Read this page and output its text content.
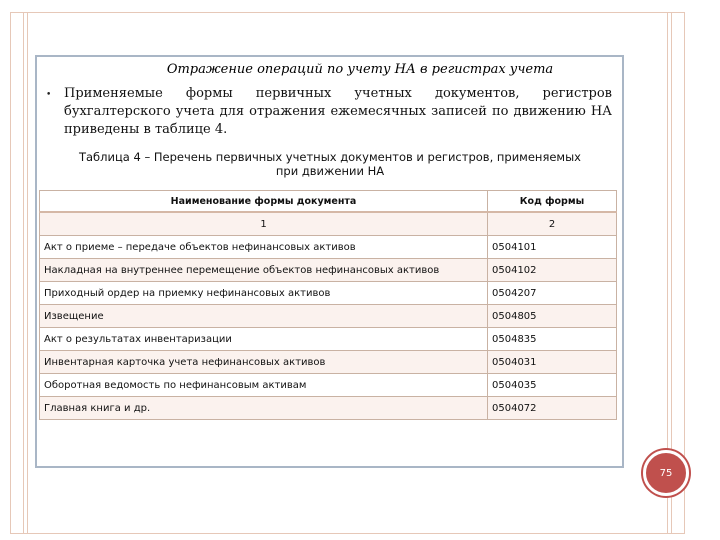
Отражение операций по учету НА в регистрах учета
• Применяемые формы первичных учетных документов, регистров бухгалтерского учета для отражения ежемесячных записей по движению НА приведены в таблице 4.
Таблица 4 – Перечень первичных учетных документов и регистров, применяемых
при движении НА
Наименование формы документа	Код формы
1	2
Акт о приеме – передаче объектов нефинансовых активов	0504101
Накладная на внутреннее перемещение объектов нефинансовых активов	0504102
Приходный ордер на приемку нефинансовых активов	0504207
Извещение	0504805
Акт о результатах инвентаризации	0504835
Инвентарная карточка учета нефинансовых активов	0504031
Оборотная ведомость по нефинансовым активам	0504035
Главная книга и др.	0504072
75
